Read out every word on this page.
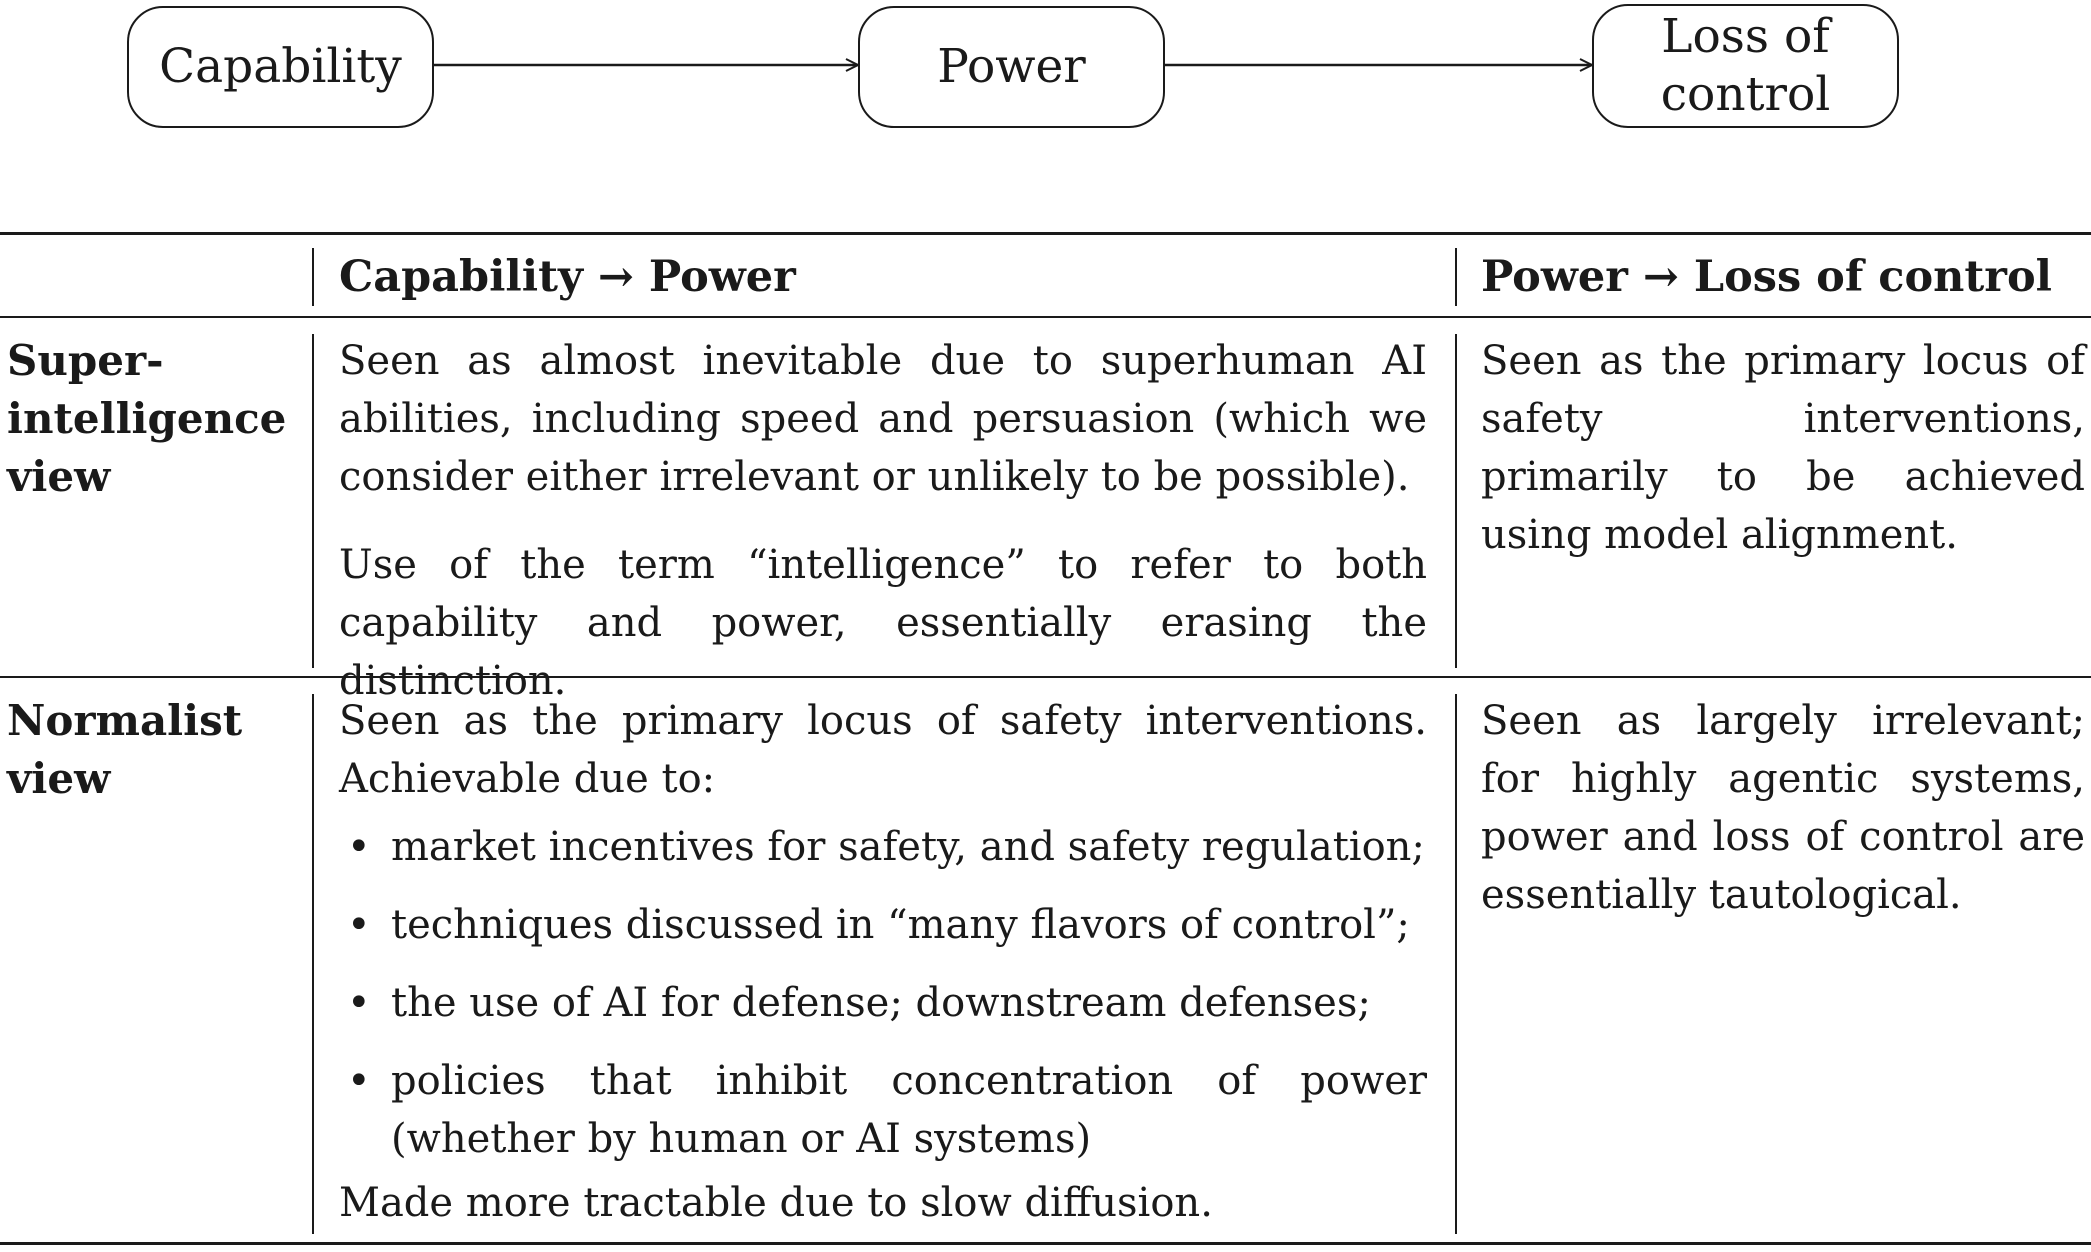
Capability	Power
Loss of
control
Capability → Power	Power → Loss of control
Super-
intelligence
view

Seen as almost inevitable due to superhuman AI abilities, including speed and persuasion (which we consider either irrelevant or unlikely to be possible).

Use of the term “intelligence” to refer to both capability and power, essentially erasing the distinction.

Seen as the primary locus of safety interventions, primarily to be achieved using model alignment.
Normalist
view

Seen as the primary locus of safety interventions. Achievable due to:

• market incentives for safety, and safety regulation;
• techniques discussed in “many flavors of control”;
• the use of AI for defense; downstream defenses;
• policies that inhibit concentration of power (whether by human or AI systems)

Made more tractable due to slow diffusion.

Seen as largely irrelevant; for highly agentic systems, power and loss of control are essentially tautological.
